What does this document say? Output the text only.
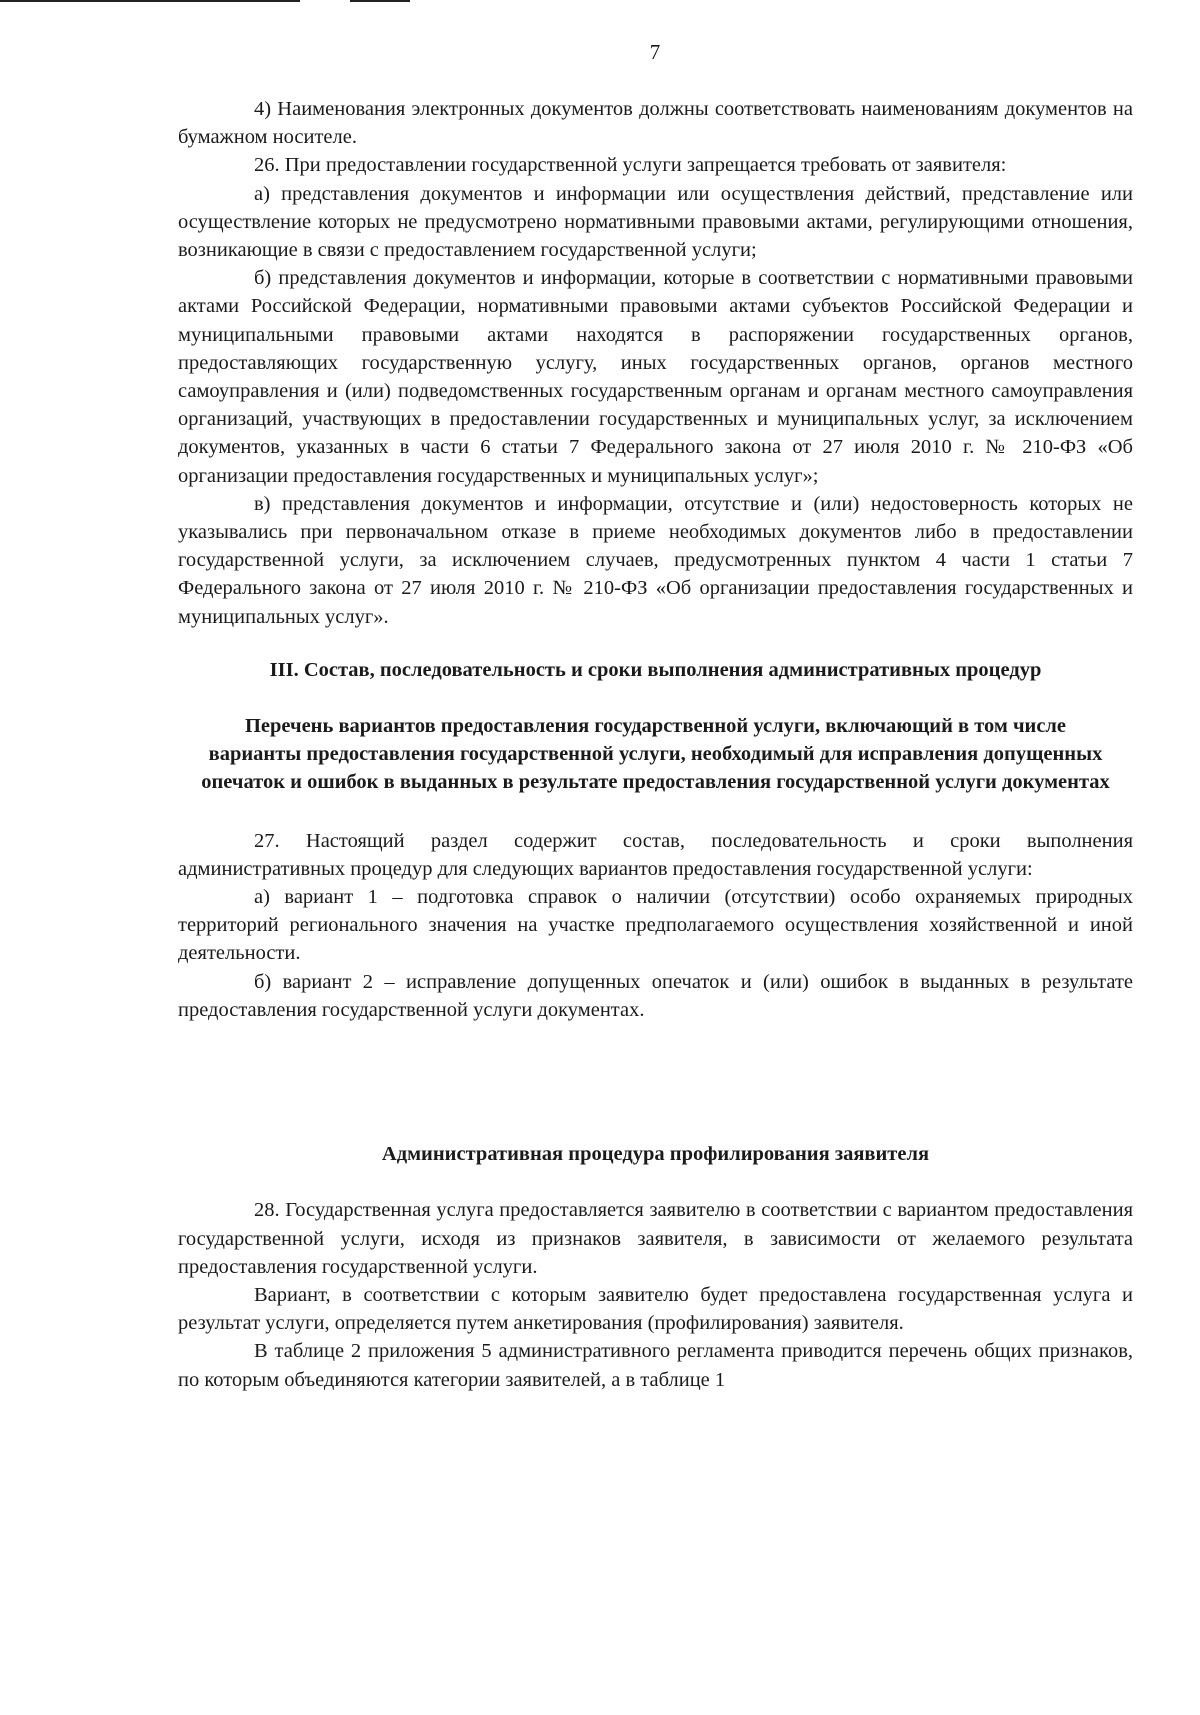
7

4) Наименования электронных документов должны соответствовать наименованиям документов на бумажном носителе.

26. При предоставлении государственной услуги запрещается требовать от заявителя:

а) представления документов и информации или осуществления действий, представление или осуществление которых не предусмотрено нормативными правовыми актами, регулирующими отношения, возникающие в связи с предоставлением государственной услуги;

б) представления документов и информации, которые в соответствии с нормативными правовыми актами Российской Федерации, нормативными правовыми актами субъектов Российской Федерации и муниципальными правовыми актами находятся в распоряжении государственных органов, предоставляющих государственную услугу, иных государственных органов, органов местного самоуправления и (или) подведомственных государственным органам и органам местного самоуправления организаций, участвующих в предоставлении государственных и муниципальных услуг, за исключением документов, указанных в части 6 статьи 7 Федерального закона от 27 июля 2010 г. № 210-ФЗ «Об организации предоставления государственных и муниципальных услуг»;

в) представления документов и информации, отсутствие и (или) недостоверность которых не указывались при первоначальном отказе в приеме необходимых документов либо в предоставлении государственной услуги, за исключением случаев, предусмотренных пунктом 4 части 1 статьи 7 Федерального закона от 27 июля 2010 г. № 210-ФЗ «Об организации предоставления государственных и муниципальных услуг».

III. Состав, последовательность и сроки выполнения административных процедур
Перечень вариантов предоставления государственной услуги, включающий в том числе варианты предоставления государственной услуги, необходимый для исправления допущенных опечаток и ошибок в выданных в результате предоставления государственной услуги документах

27. Настоящий раздел содержит состав, последовательность и сроки выполнения административных процедур для следующих вариантов предоставления государственной услуги:

а) вариант 1 – подготовка справок о наличии (отсутствии) особо охраняемых природных территорий регионального значения на участке предполагаемого осуществления хозяйственной и иной деятельности.

б) вариант 2 – исправление допущенных опечаток и (или) ошибок в выданных в результате предоставления государственной услуги документах.

Административная процедура профилирования заявителя

28. Государственная услуга предоставляется заявителю в соответствии с вариантом предоставления государственной услуги, исходя из признаков заявителя, в зависимости от желаемого результата предоставления государственной услуги.

Вариант, в соответствии с которым заявителю будет предоставлена государственная услуга и результат услуги, определяется путем анкетирования (профилирования) заявителя.

В таблице 2 приложения 5 административного регламента приводится перечень общих признаков, по которым объединяются категории заявителей, а в таблице 1
